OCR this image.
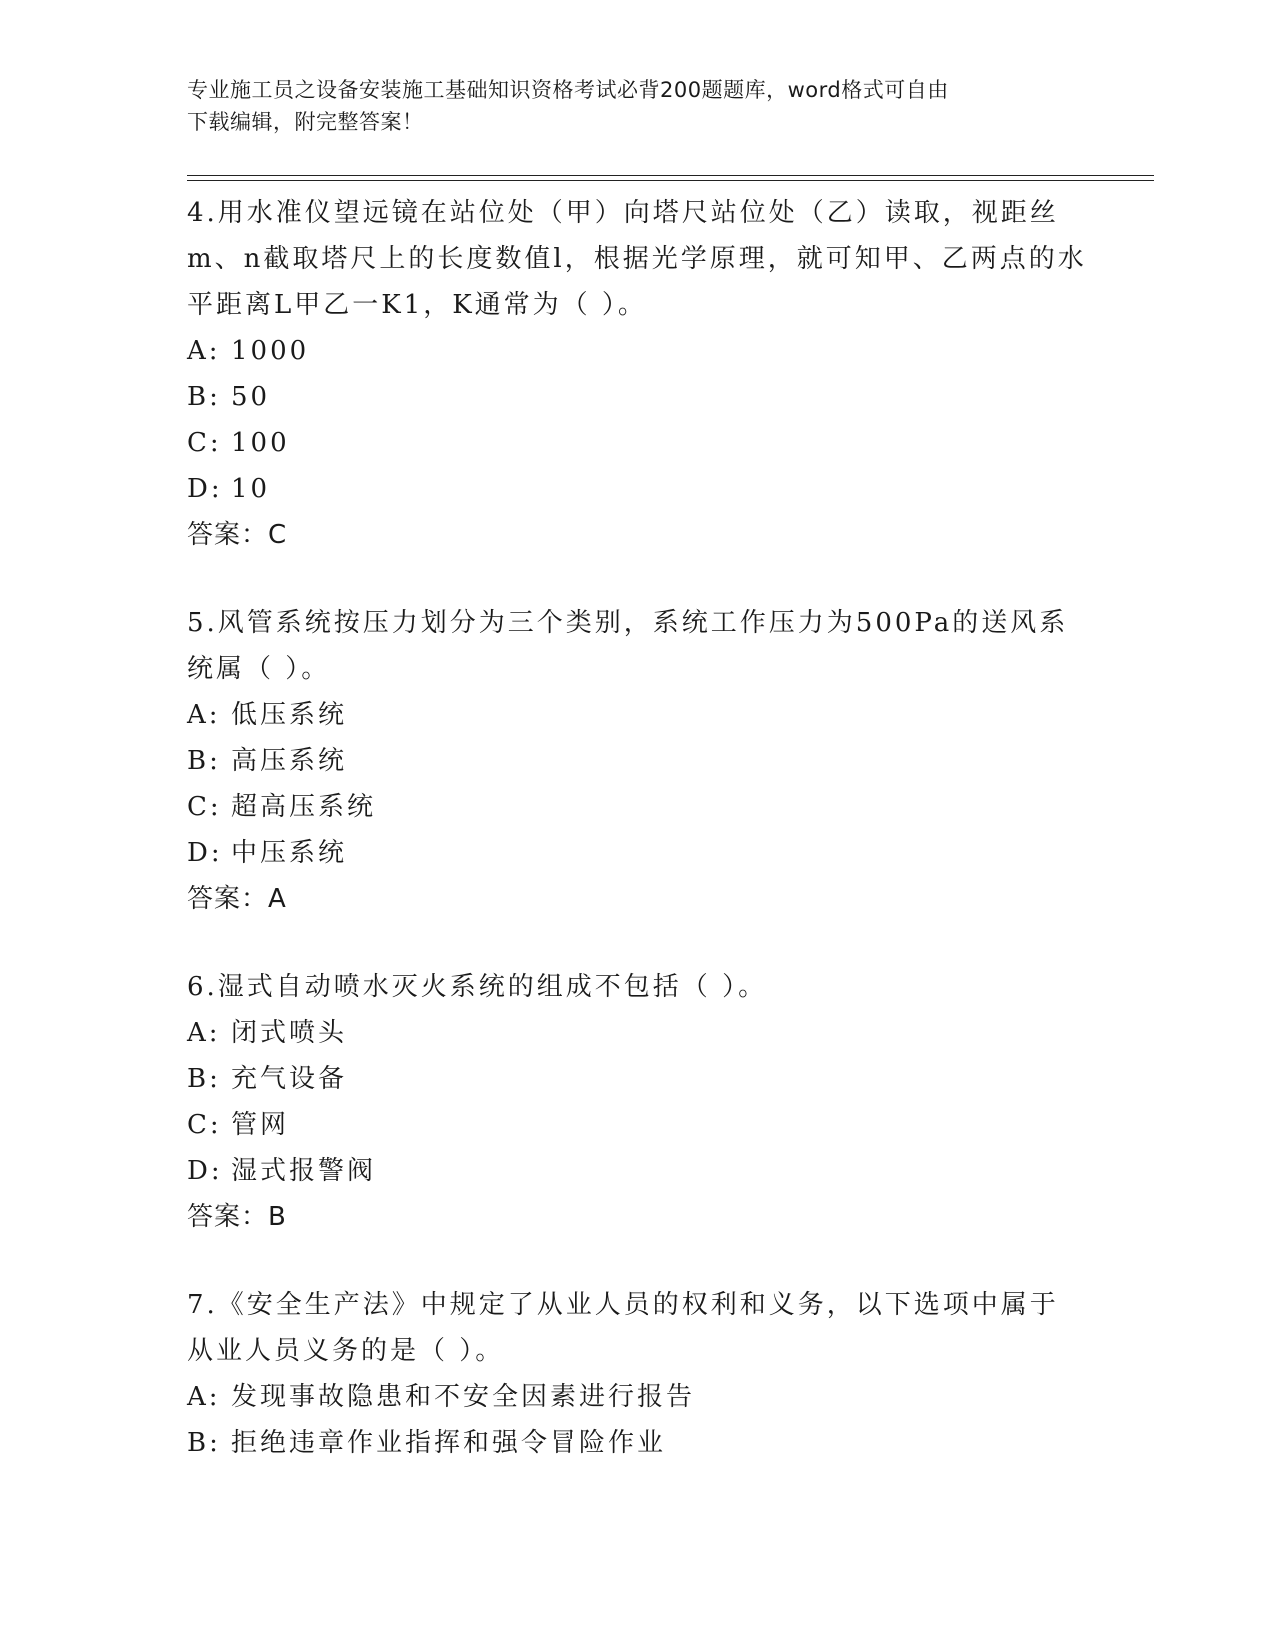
专业施工员之设备安装施工基础知识资格考试必背200题题库，word格式可自由
下载编辑，附完整答案！

4.用水准仪望远镜在站位处（甲）向塔尺站位处（乙）读取，视距丝m、n截取塔尺上的长度数值l，根据光学原理，就可知甲、乙两点的水平距离L甲乙一K1，K通常为（ ）。

A: 1000
B: 50
C: 100
D: 10
答案：C

5.风管系统按压力划分为三个类别，系统工作压力为500Pa的送风系统属（ ）。

A: 低压系统
B: 高压系统
C: 超高压系统
D: 中压系统
答案：A

6.湿式自动喷水灭火系统的组成不包括（ ）。

A: 闭式喷头
B: 充气设备
C: 管网
D: 湿式报警阀
答案：B

7.《安全生产法》中规定了从业人员的权利和义务，以下选项中属于从业人员义务的是（ ）。

A: 发现事故隐患和不安全因素进行报告
B: 拒绝违章作业指挥和强令冒险作业
